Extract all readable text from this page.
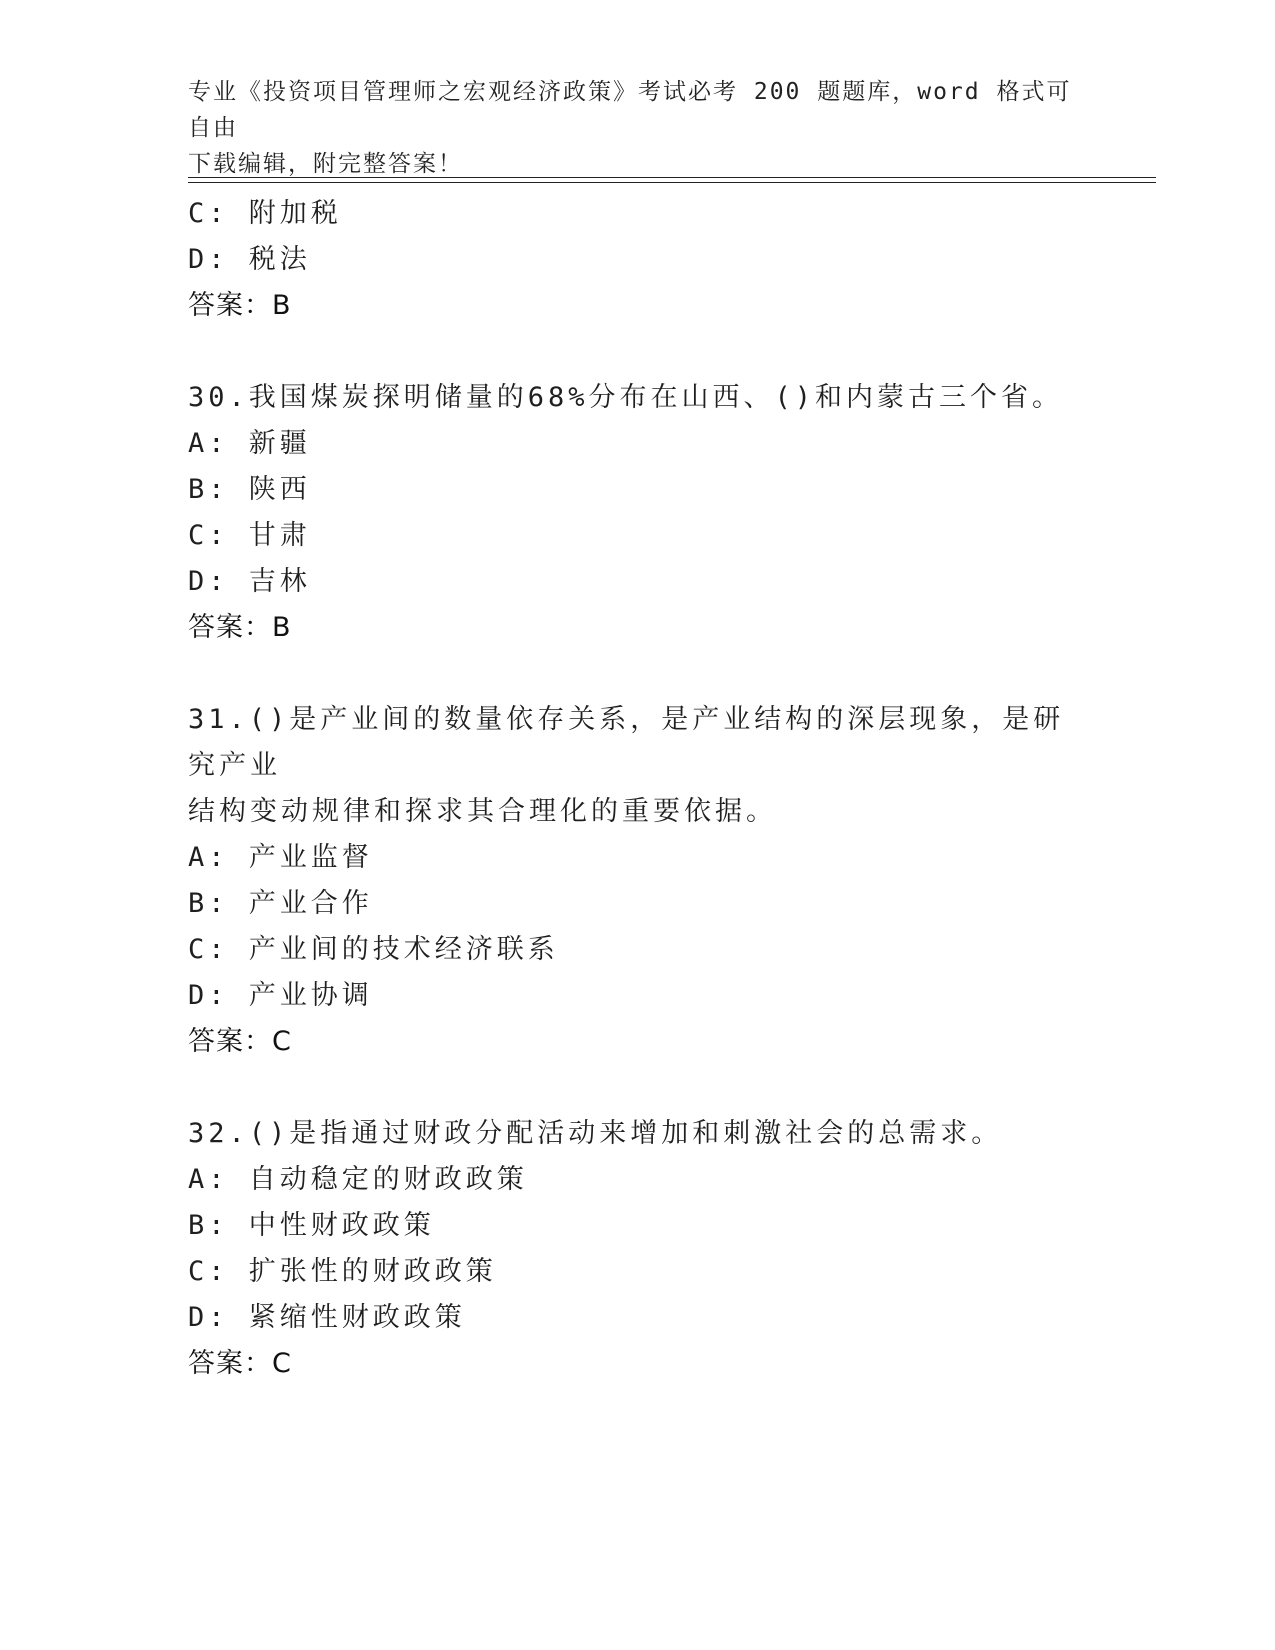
专业《投资项目管理师之宏观经济政策》考试必考 200 题题库，word 格式可自由
下载编辑，附完整答案！
C: 附加税
D: 税法
答案：B
30.我国煤炭探明储量的68%分布在山西、()和内蒙古三个省。
A: 新疆
B: 陕西
C: 甘肃
D: 吉林
答案：B
31.()是产业间的数量依存关系，是产业结构的深层现象，是研究产业
结构变动规律和探求其合理化的重要依据。
A: 产业监督
B: 产业合作
C: 产业间的技术经济联系
D: 产业协调
答案：C
32.()是指通过财政分配活动来增加和刺激社会的总需求。
A: 自动稳定的财政政策
B: 中性财政政策
C: 扩张性的财政政策
D: 紧缩性财政政策
答案：C
